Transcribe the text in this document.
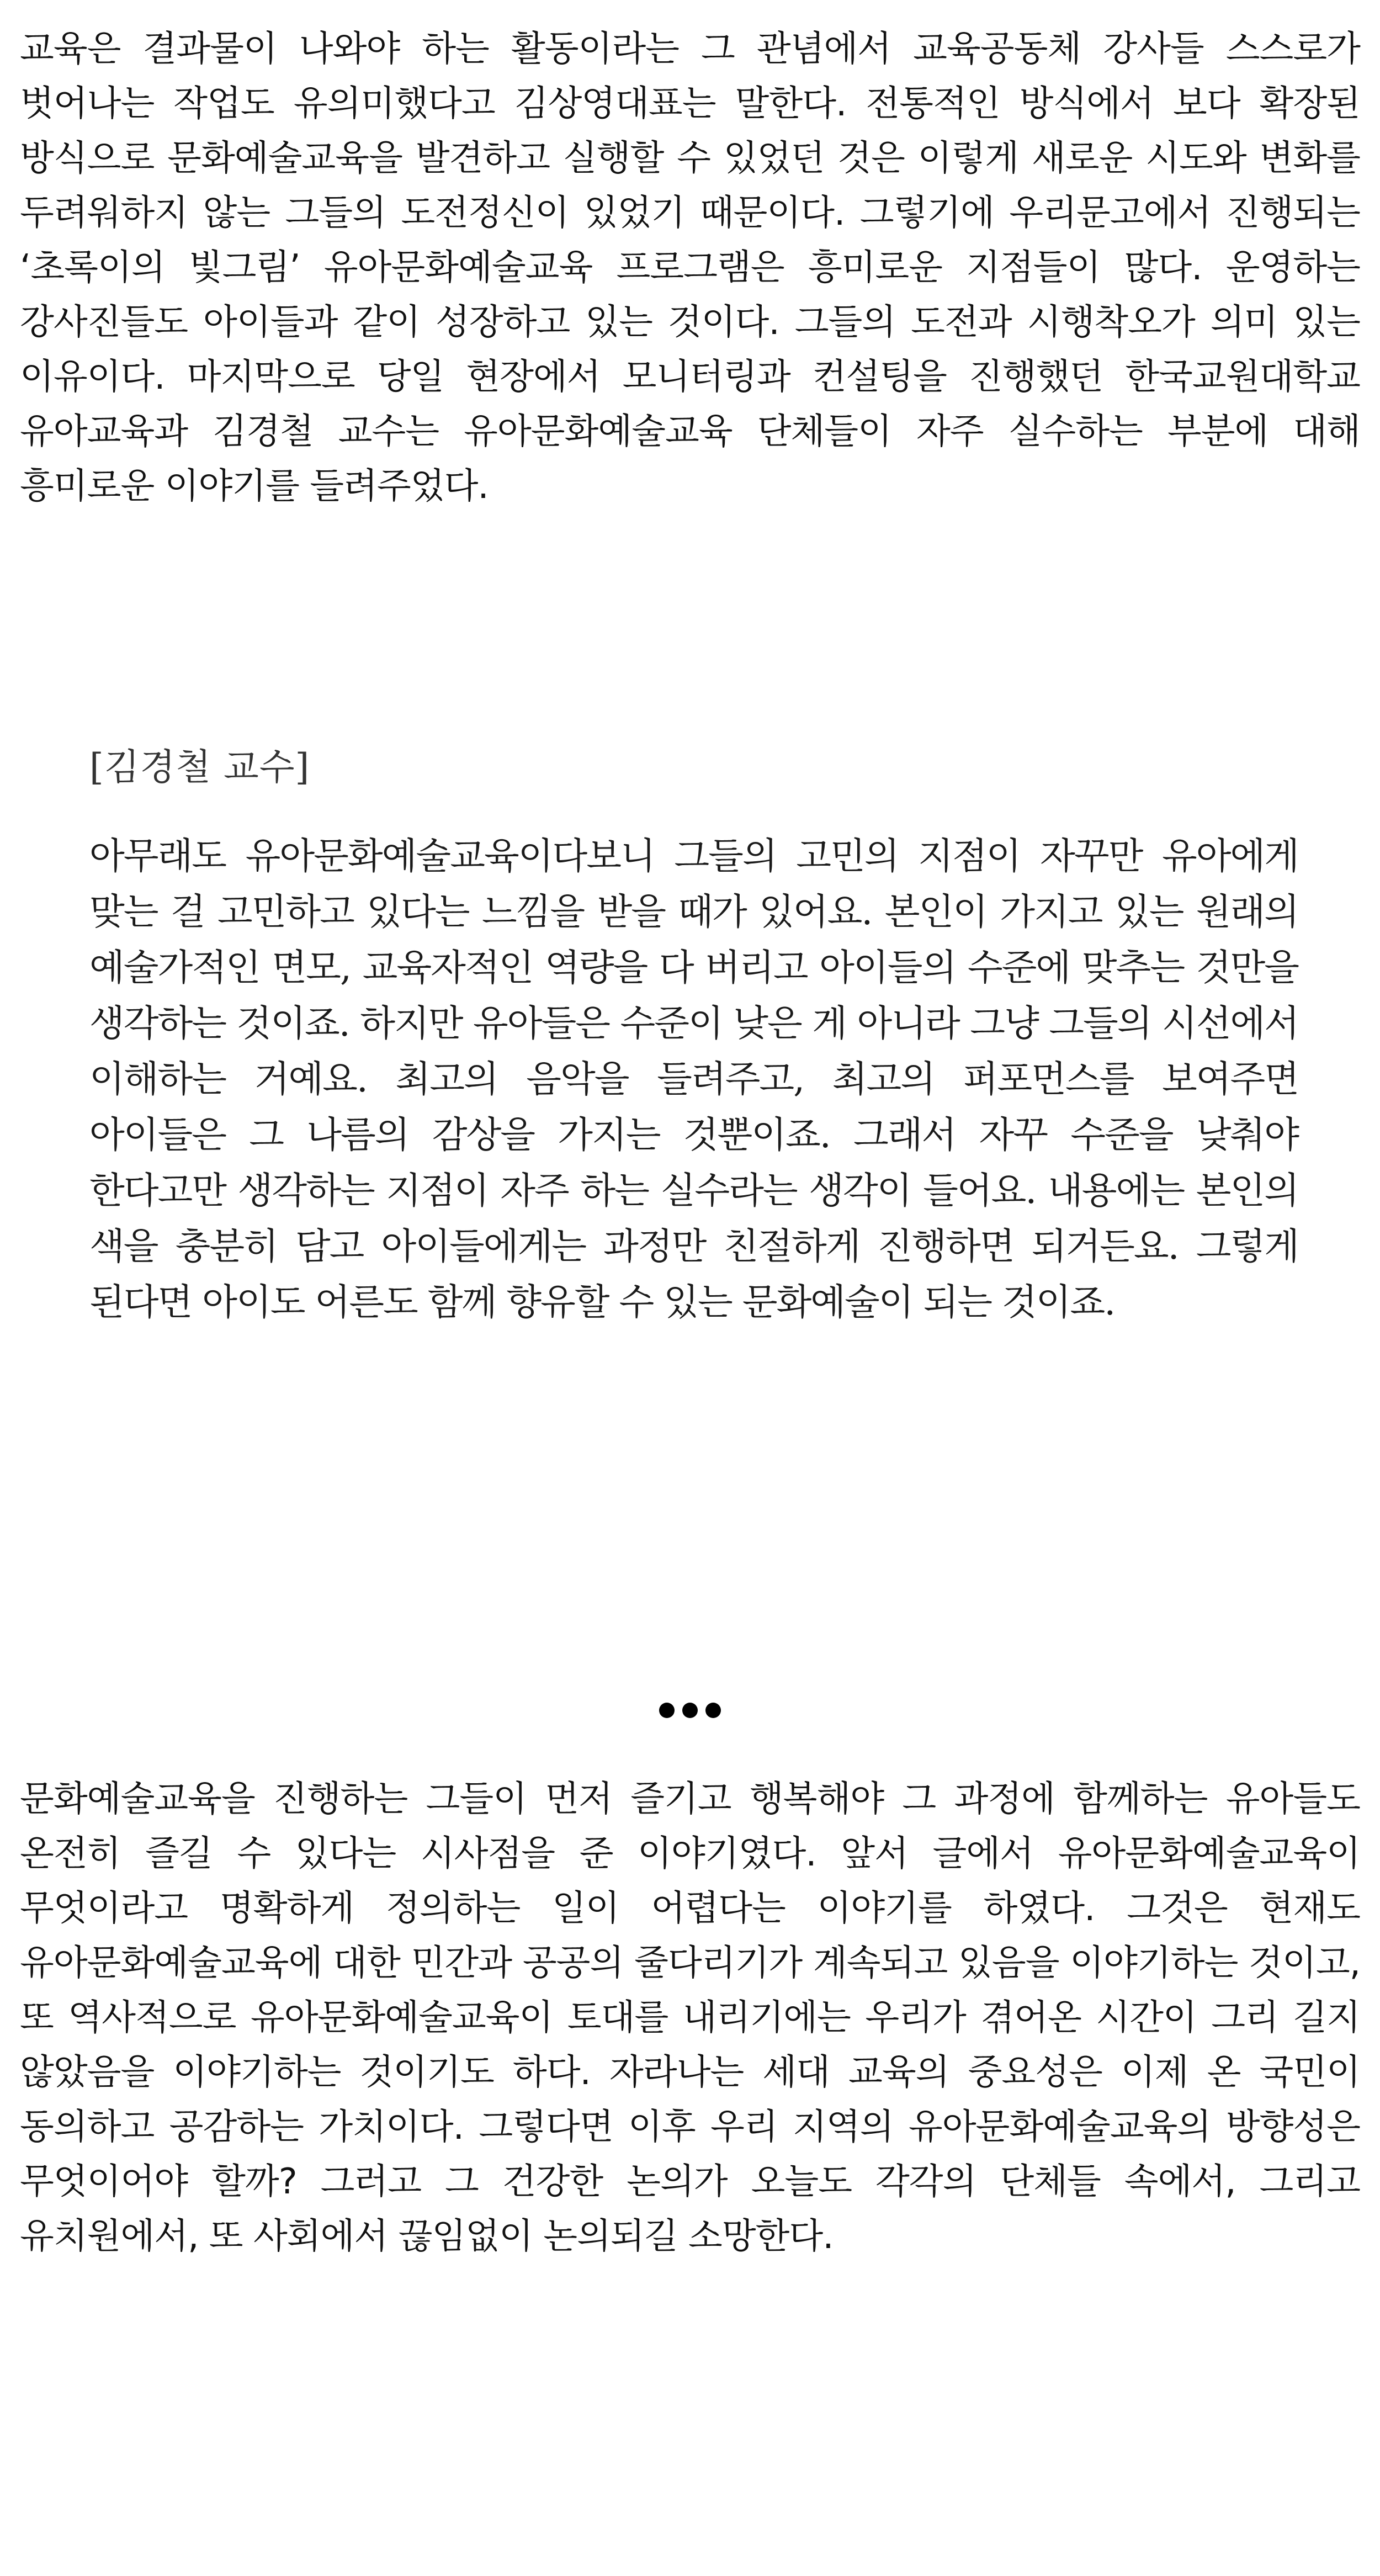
교육은 결과물이 나와야 하는 활동이라는 그 관념에서 교육공동체 강사들 스스로가 벗어나는 작업도 유의미했다고 김상영대표는 말한다. 전통적인 방식에서 보다 확장된 방식으로 문화예술교육을 발견하고 실행할 수 있었던 것은 이렇게 새로운 시도와 변화를 두려워하지 않는 그들의 도전정신이 있었기 때문이다. 그렇기에 우리문고에서 진행되는 ‘초록이의 빛그림’ 유아문화예술교육 프로그램은 흥미로운 지점들이 많다. 운영하는 강사진들도 아이들과 같이 성장하고 있는 것이다. 그들의 도전과 시행착오가 의미 있는 이유이다. 마지막으로 당일 현장에서 모니터링과 컨설팅을 진행했던 한국교원대학교 유아교육과 김경철 교수는 유아문화예술교육 단체들이 자주 실수하는 부분에 대해 흥미로운 이야기를 들려주었다.

[김경철 교수]

아무래도 유아문화예술교육이다보니 그들의 고민의 지점이 자꾸만 유아에게 맞는 걸 고민하고 있다는 느낌을 받을 때가 있어요. 본인이 가지고 있는 원래의 예술가적인 면모, 교육자적인 역량을 다 버리고 아이들의 수준에 맞추는 것만을 생각하는 것이죠. 하지만 유아들은 수준이 낮은 게 아니라 그냥 그들의 시선에서 이해하는 거예요. 최고의 음악을 들려주고, 최고의 퍼포먼스를 보여주면 아이들은 그 나름의 감상을 가지는 것뿐이죠. 그래서 자꾸 수준을 낮춰야 한다고만 생각하는 지점이 자주 하는 실수라는 생각이 들어요. 내용에는 본인의 색을 충분히 담고 아이들에게는 과정만 친절하게 진행하면 되거든요. 그렇게 된다면 아이도 어른도 함께 향유할 수 있는 문화예술이 되는 것이죠.

문화예술교육을 진행하는 그들이 먼저 즐기고 행복해야 그 과정에 함께하는 유아들도 온전히 즐길 수 있다는 시사점을 준 이야기였다. 앞서 글에서 유아문화예술교육이 무엇이라고 명확하게 정의하는 일이 어렵다는 이야기를 하였다. 그것은 현재도 유아문화예술교육에 대한 민간과 공공의 줄다리기가 계속되고 있음을 이야기하는 것이고, 또 역사적으로 유아문화예술교육이 토대를 내리기에는 우리가 겪어온 시간이 그리 길지 않았음을 이야기하는 것이기도 하다. 자라나는 세대 교육의 중요성은 이제 온 국민이 동의하고 공감하는 가치이다. 그렇다면 이후 우리 지역의 유아문화예술교육의 방향성은 무엇이어야 할까? 그러고 그 건강한 논의가 오늘도 각각의 단체들 속에서, 그리고 유치원에서, 또 사회에서 끊임없이 논의되길 소망한다.
